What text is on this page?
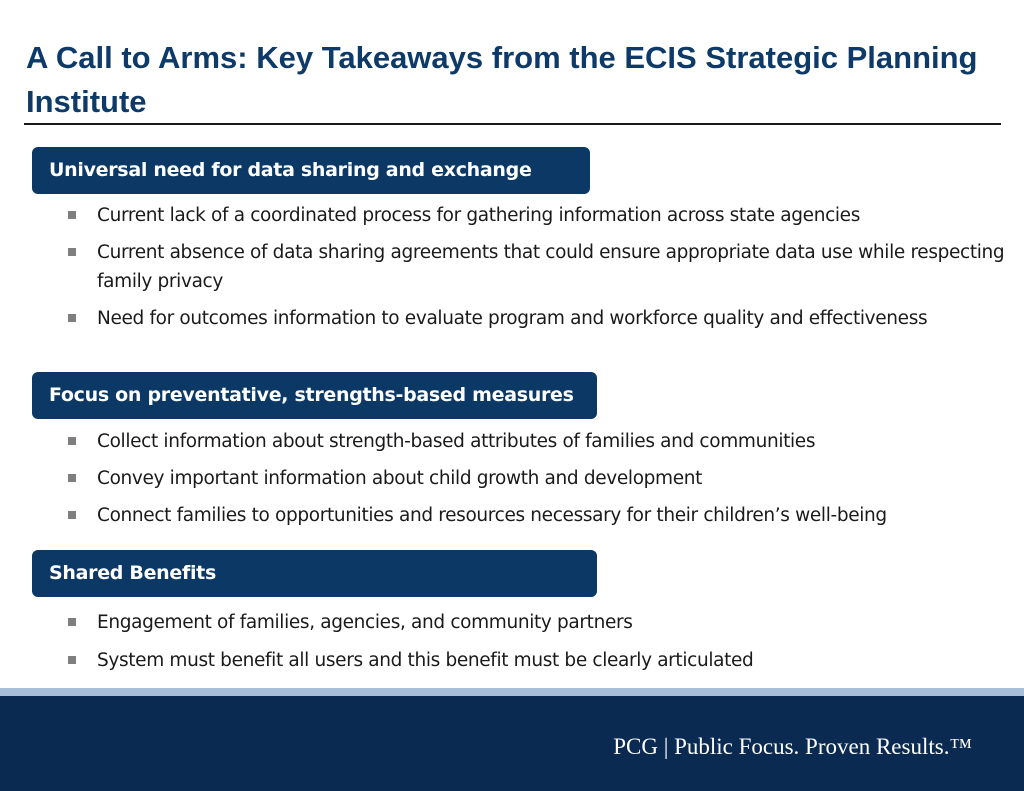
A Call to Arms: Key Takeaways from the ECIS Strategic Planning Institute
Universal need for data sharing and exchange
Current lack of a coordinated process for gathering information across state agencies
Current absence of data sharing agreements that could ensure appropriate data use while respecting family privacy
Need for outcomes information to evaluate program and workforce quality and effectiveness
Focus on preventative, strengths-based measures
Collect information about strength-based attributes of families and communities
Convey important information about child growth and development
Connect families to opportunities and resources necessary for their children’s well-being
Shared Benefits
Engagement of families, agencies, and community partners
System must benefit all users and this benefit must be clearly articulated
PCG | Public Focus. Proven Results.™
